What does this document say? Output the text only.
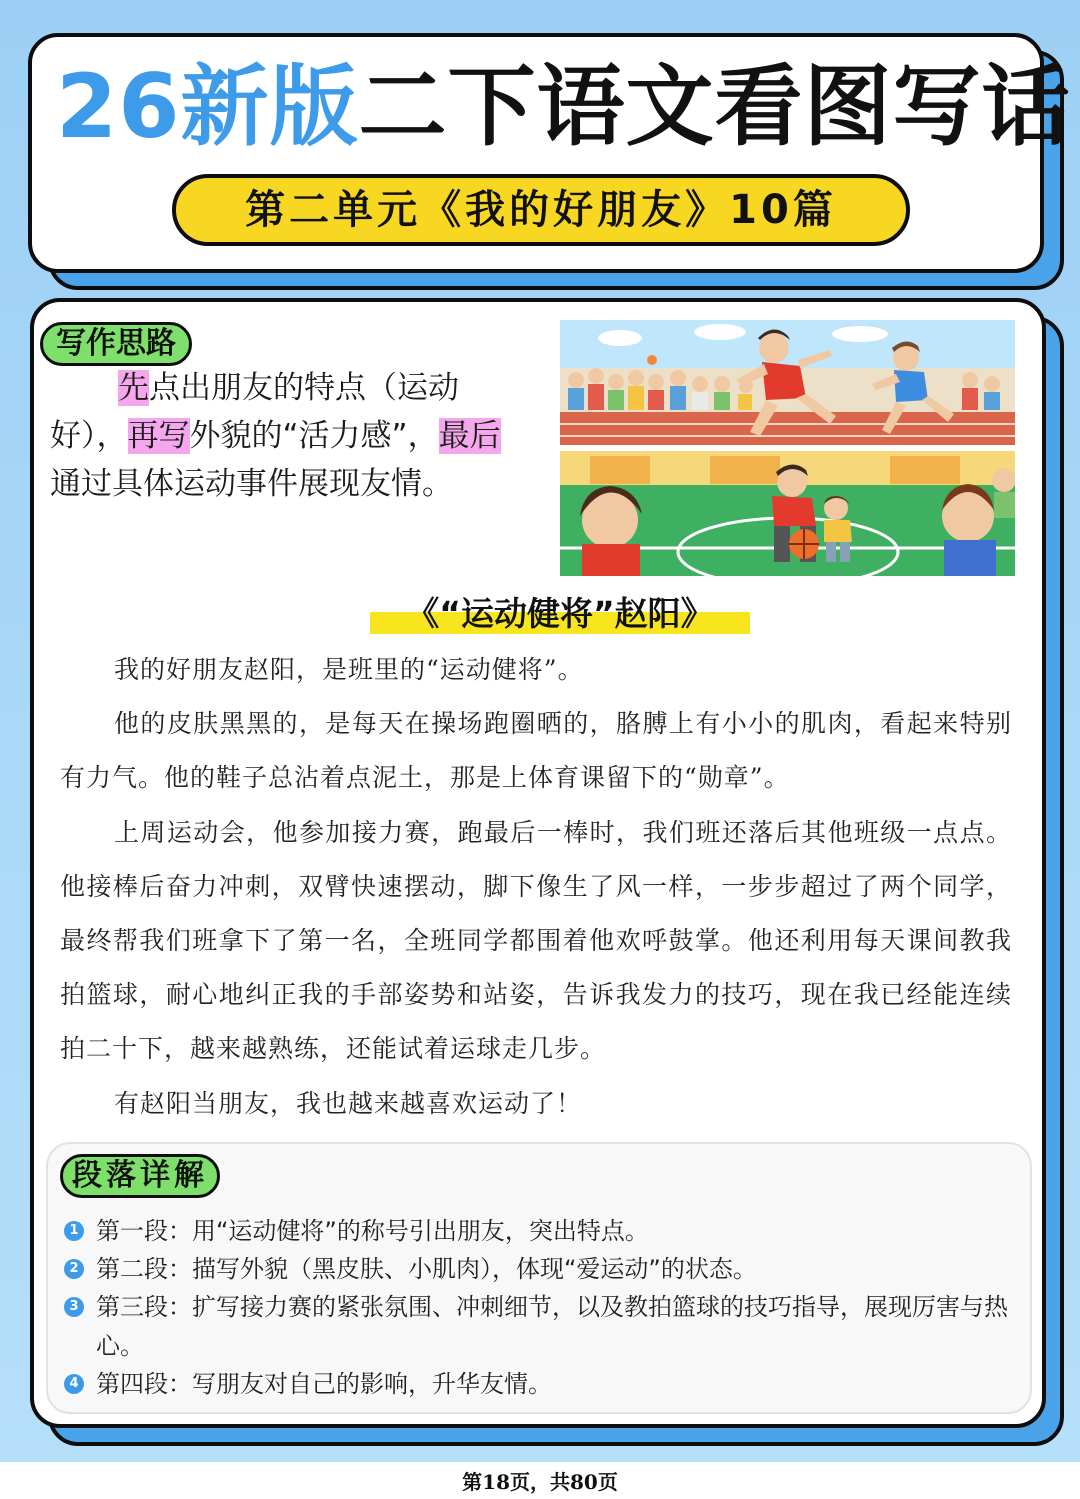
26新版二下语文看图写话
第二单元《我的好朋友》10篇
写作思路
先点出朋友的特点（运动好），再写外貌的“活力感”，最后通过具体运动事件展现友情。
《“运动健将”赵阳》

我的好朋友赵阳，是班里的“运动健将”。

他的皮肤黑黑的，是每天在操场跑圈晒的，胳膊上有小小的肌肉，看起来特别有力气。他的鞋子总沾着点泥土，那是上体育课留下的“勋章”。

上周运动会，他参加接力赛，跑最后一棒时，我们班还落后其他班级一点点。他接棒后奋力冲刺，双臂快速摆动，脚下像生了风一样，一步步超过了两个同学，最终帮我们班拿下了第一名，全班同学都围着他欢呼鼓掌。他还利用每天课间教我拍篮球，耐心地纠正我的手部姿势和站姿，告诉我发力的技巧，现在我已经能连续拍二十下，越来越熟练，还能试着运球走几步。

有赵阳当朋友，我也越来越喜欢运动了！

段落详解
1 第一段：用“运动健将”的称号引出朋友，突出特点。
2 第二段：描写外貌（黑皮肤、小肌肉），体现“爱运动”的状态。
3 第三段：扩写接力赛的紧张氛围、冲刺细节，以及教拍篮球的技巧指导，展现厉害与热心。
4 第四段：写朋友对自己的影响，升华友情。
第18页，共80页
